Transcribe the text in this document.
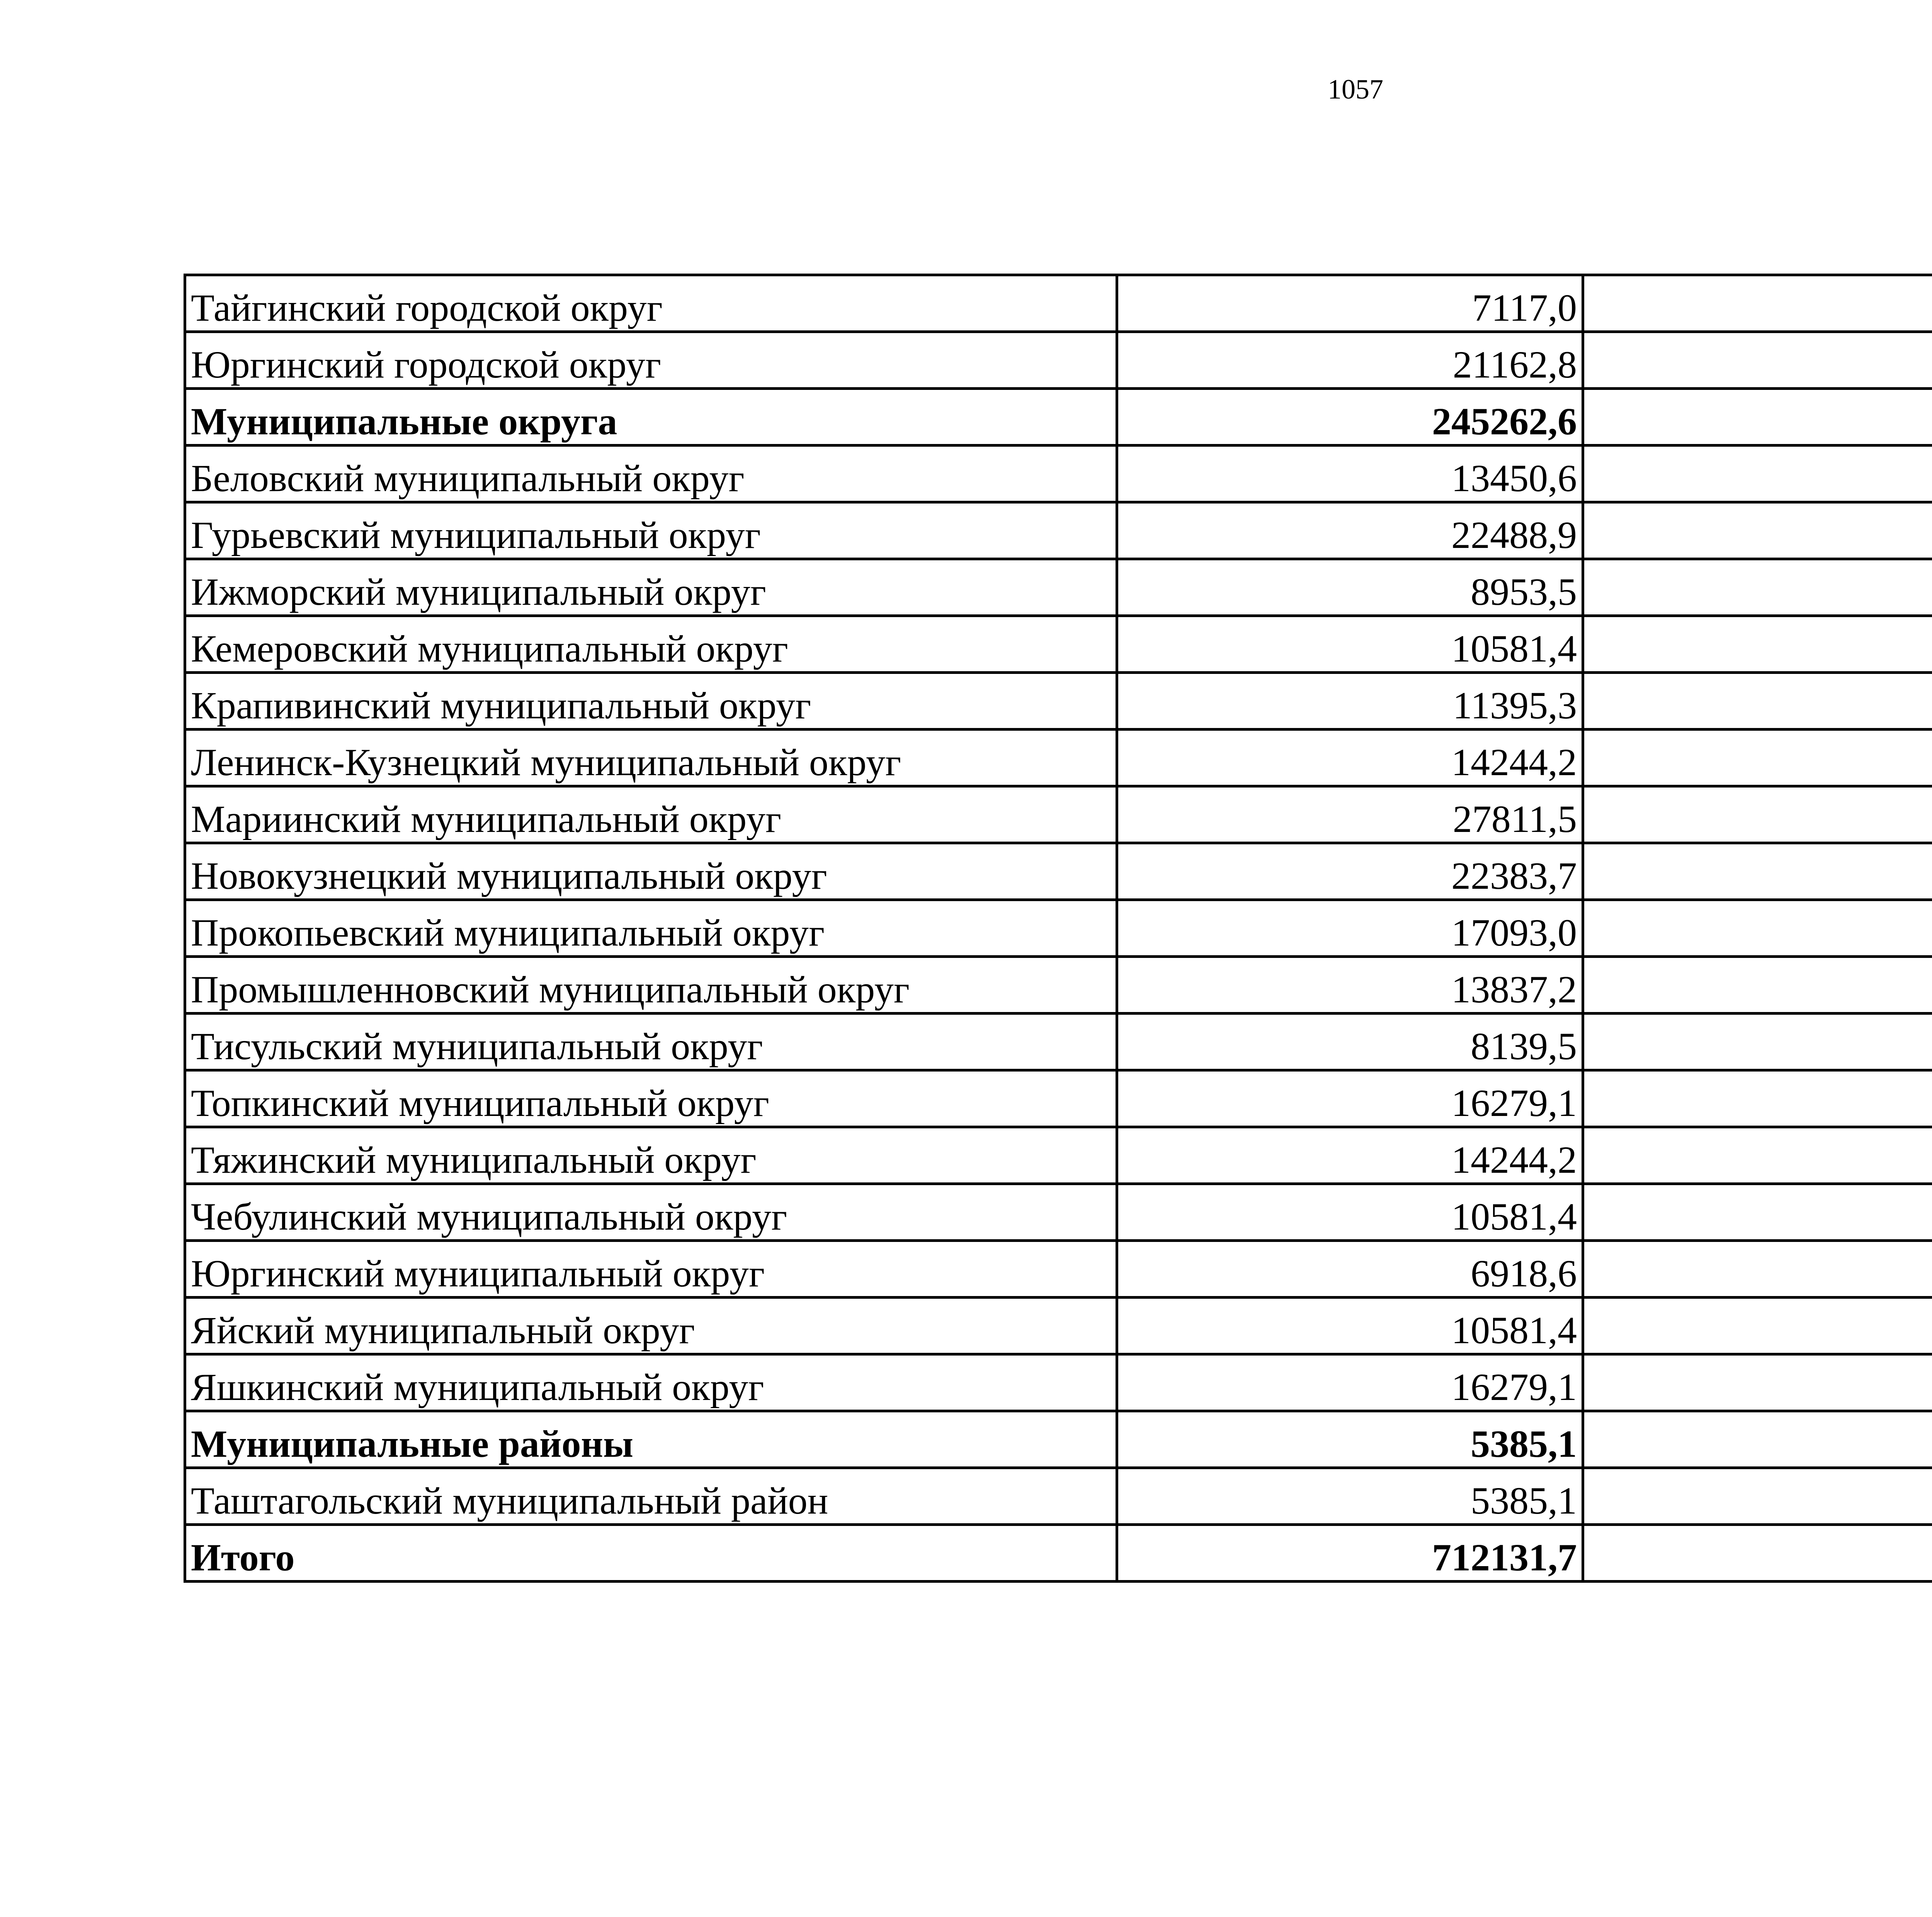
1057
Тайгинский городской округ	7117,0	
Юргинский городской округ	21162,8	
Муниципальные округа	245262,6	
Беловский муниципальный округ	13450,6	
Гурьевский муниципальный округ	22488,9	
Ижморский муниципальный округ	8953,5	
Кемеровский муниципальный округ	10581,4	
Крапивинский муниципальный округ	11395,3	
Ленинск-Кузнецкий муниципальный округ	14244,2	
Мариинский муниципальный округ	27811,5	
Новокузнецкий муниципальный округ	22383,7	
Прокопьевский муниципальный округ	17093,0	
Промышленновский муниципальный округ	13837,2	
Тисульский муниципальный округ	8139,5	
Топкинский муниципальный округ	16279,1	
Тяжинский муниципальный округ	14244,2	
Чебулинский муниципальный округ	10581,4	
Юргинский муниципальный округ	6918,6	
Яйский муниципальный округ	10581,4	
Яшкинский муниципальный округ	16279,1	
Муниципальные районы	5385,1	
Таштагольский муниципальный район	5385,1	
Итого	712131,7	
